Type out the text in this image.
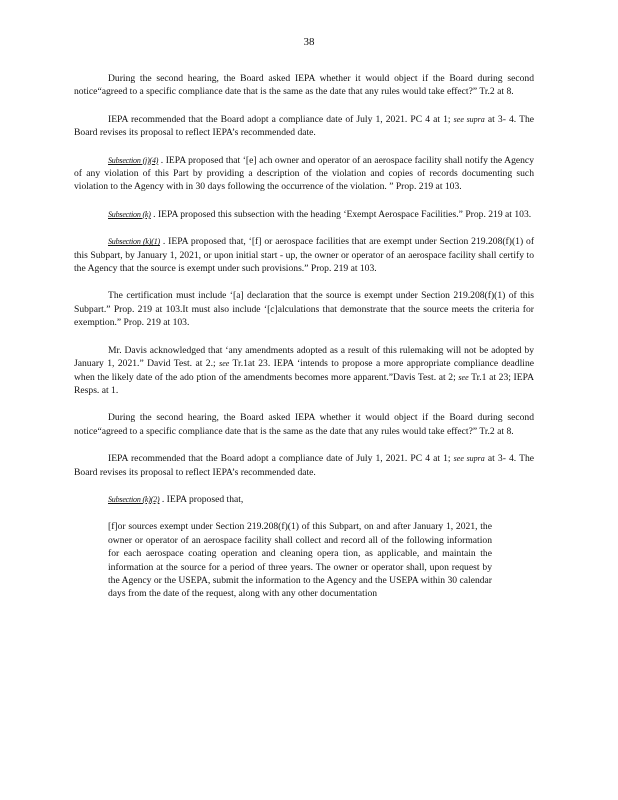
38

During the second hearing, the Board asked IEPA whether it would object if the Board during second notice“agreed to a specific compliance date that is the same as the date that any rules would take effect?” Tr.2 at 8.

IEPA recommended that the Board adopt a compliance date of July 1, 2021. PC 4 at 1; see supra at 3- 4. The Board revises its proposal to reflect IEPA’s recommended date.

Subsection (j)(4) . IEPA proposed that ‘[e] ach owner and operator of an aerospace facility shall notify the Agency of any violation of this Part by providing a description of the violation and copies of records documenting such violation to the Agency with in 30 days following the occurrence of the violation. ” Prop. 219 at 103.

Subsection (k) . IEPA proposed this subsection with the heading ‘Exempt Aerospace Facilities.” Prop. 219 at 103.

Subsection (k)(1) . IEPA proposed that, ‘[f] or aerospace facilities that are exempt under Section 219.208(f)(1) of this Subpart, by January 1, 2021, or upon initial start - up, the owner or operator of an aerospace facility shall certify to the Agency that the source is exempt under such provisions.” Prop. 219 at 103.

The certification must include ‘[a] declaration that the source is exempt under Section 219.208(f)(1) of this Subpart.” Prop. 219 at 103.It must also include ‘[c]alculations that demonstrate that the source meets the criteria for exemption.” Prop. 219 at 103.

Mr. Davis acknowledged that ‘any amendments adopted as a result of this rulemaking will not be adopted by January 1, 2021.” David Test. at 2.; see Tr.1at 23. IEPA ‘intends to propose a more appropriate compliance deadline when the likely date of the ado ption of the amendments becomes more apparent.”Davis Test. at 2; see Tr.1 at 23; IEPA Resps. at 1.

During the second hearing, the Board asked IEPA whether it would object if the Board during second notice“agreed to a specific compliance date that is the same as the date that any rules would take effect?” Tr.2 at 8.

IEPA recommended that the Board adopt a compliance date of July 1, 2021. PC 4 at 1; see supra at 3- 4. The Board revises its proposal to reflect IEPA’s recommended date.

Subsection (k)(2) . IEPA proposed that,

[f]or sources exempt under Section 219.208(f)(1) of this Subpart, on and after January 1, 2021, the owner or operator of an aerospace facility shall collect and record all of the following information for each aerospace coating operation and cleaning opera tion, as applicable, and maintain the information at the source for a period of three years. The owner or operator shall, upon request by the Agency or the USEPA, submit the information to the Agency and the USEPA within 30 calendar days from the date of the request, along with any other documentation
